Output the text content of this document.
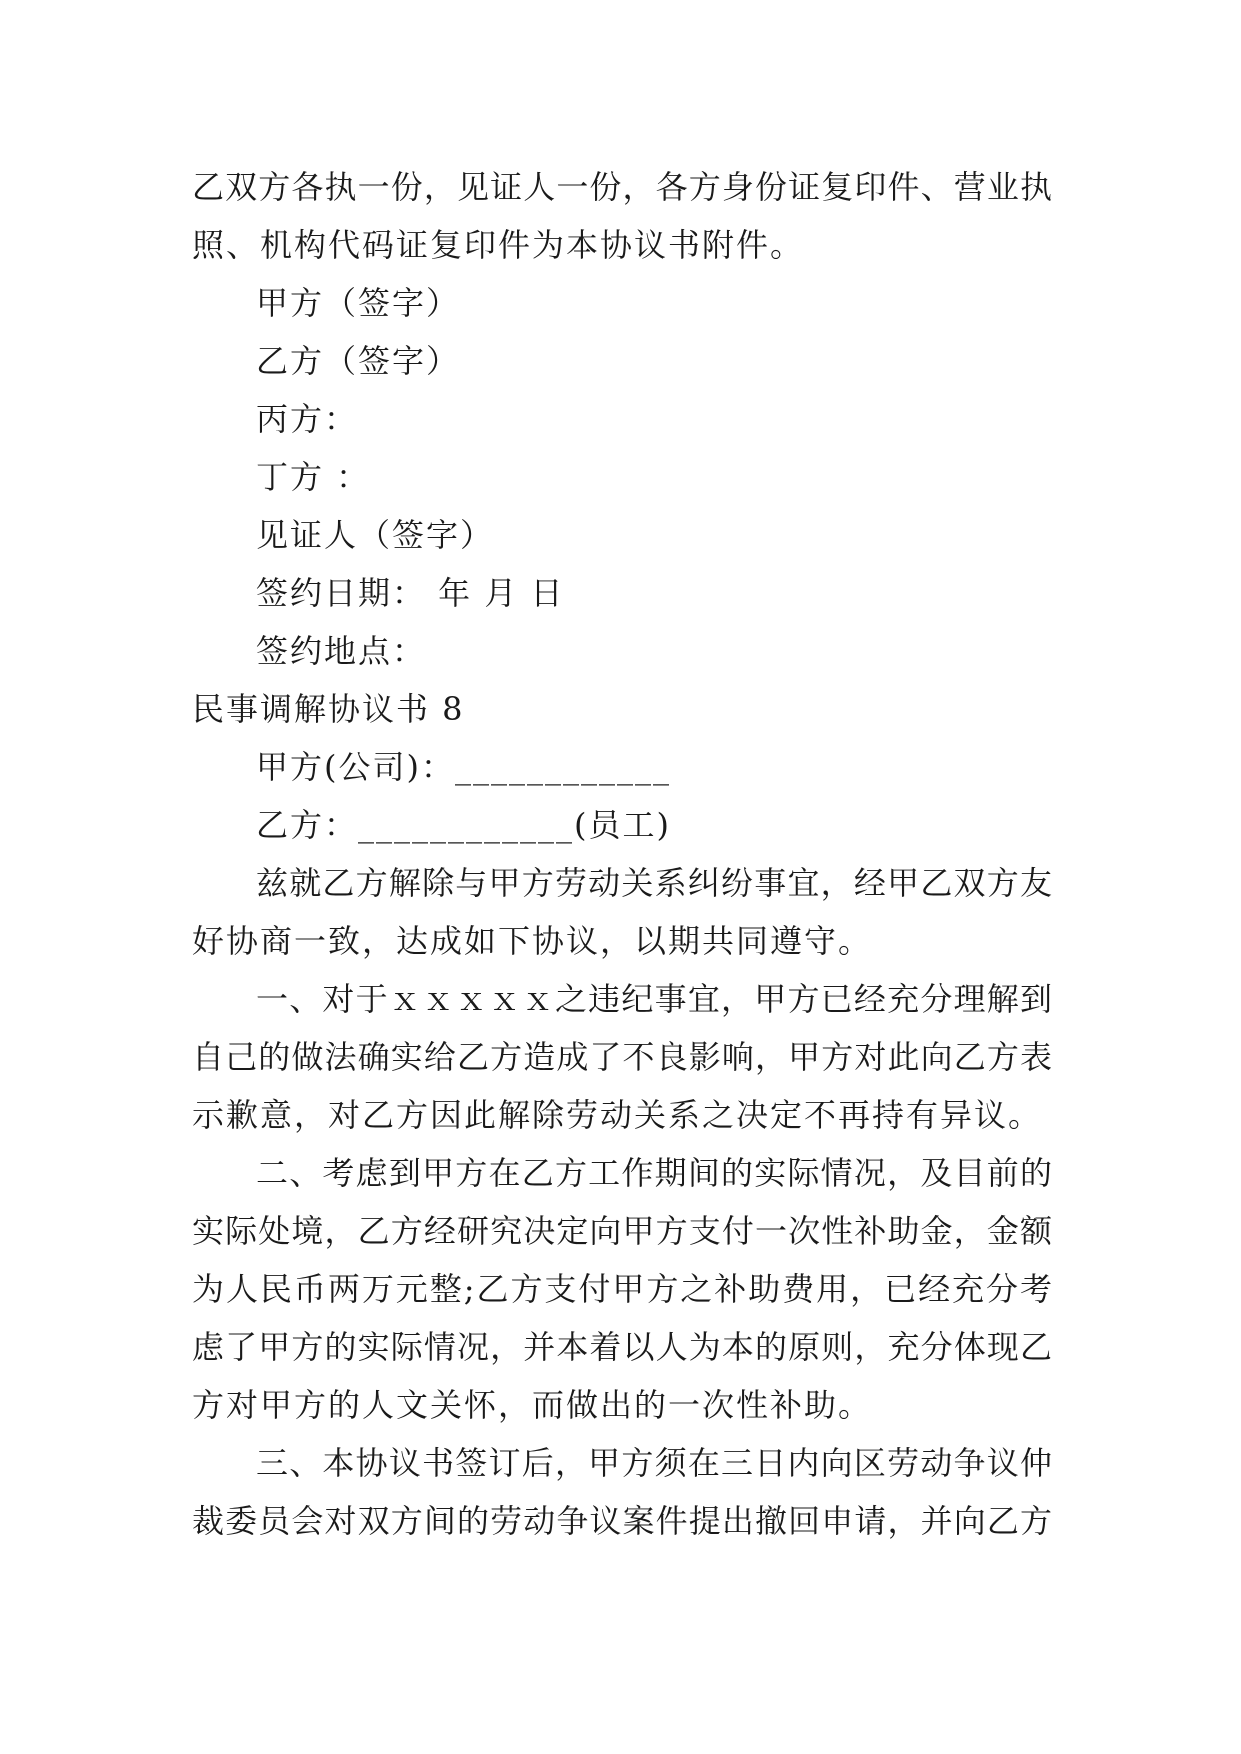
乙双方各执一份，见证人一份，各方身份证复印件、营业执
照、机构代码证复印件为本协议书附件。
甲方（签字）
乙方（签字）
丙方：
丁方 ：
见证人（签字）
签约日期： 年 月 日
签约地点：
民事调解协议书 8
甲方(公司)：____________
乙方：____________(员工)
兹就乙方解除与甲方劳动关系纠纷事宜，经甲乙双方友
好协商一致，达成如下协议，以期共同遵守。
一、对于ｘｘｘｘｘ之违纪事宜，甲方已经充分理解到
自己的做法确实给乙方造成了不良影响，甲方对此向乙方表
示歉意，对乙方因此解除劳动关系之决定不再持有异议。
二、考虑到甲方在乙方工作期间的实际情况，及目前的
实际处境，乙方经研究决定向甲方支付一次性补助金，金额
为人民币两万元整;乙方支付甲方之补助费用，已经充分考
虑了甲方的实际情况，并本着以人为本的原则，充分体现乙
方对甲方的人文关怀，而做出的一次性补助。
三、本协议书签订后，甲方须在三日内向区劳动争议仲
裁委员会对双方间的劳动争议案件提出撤回申请，并向乙方
